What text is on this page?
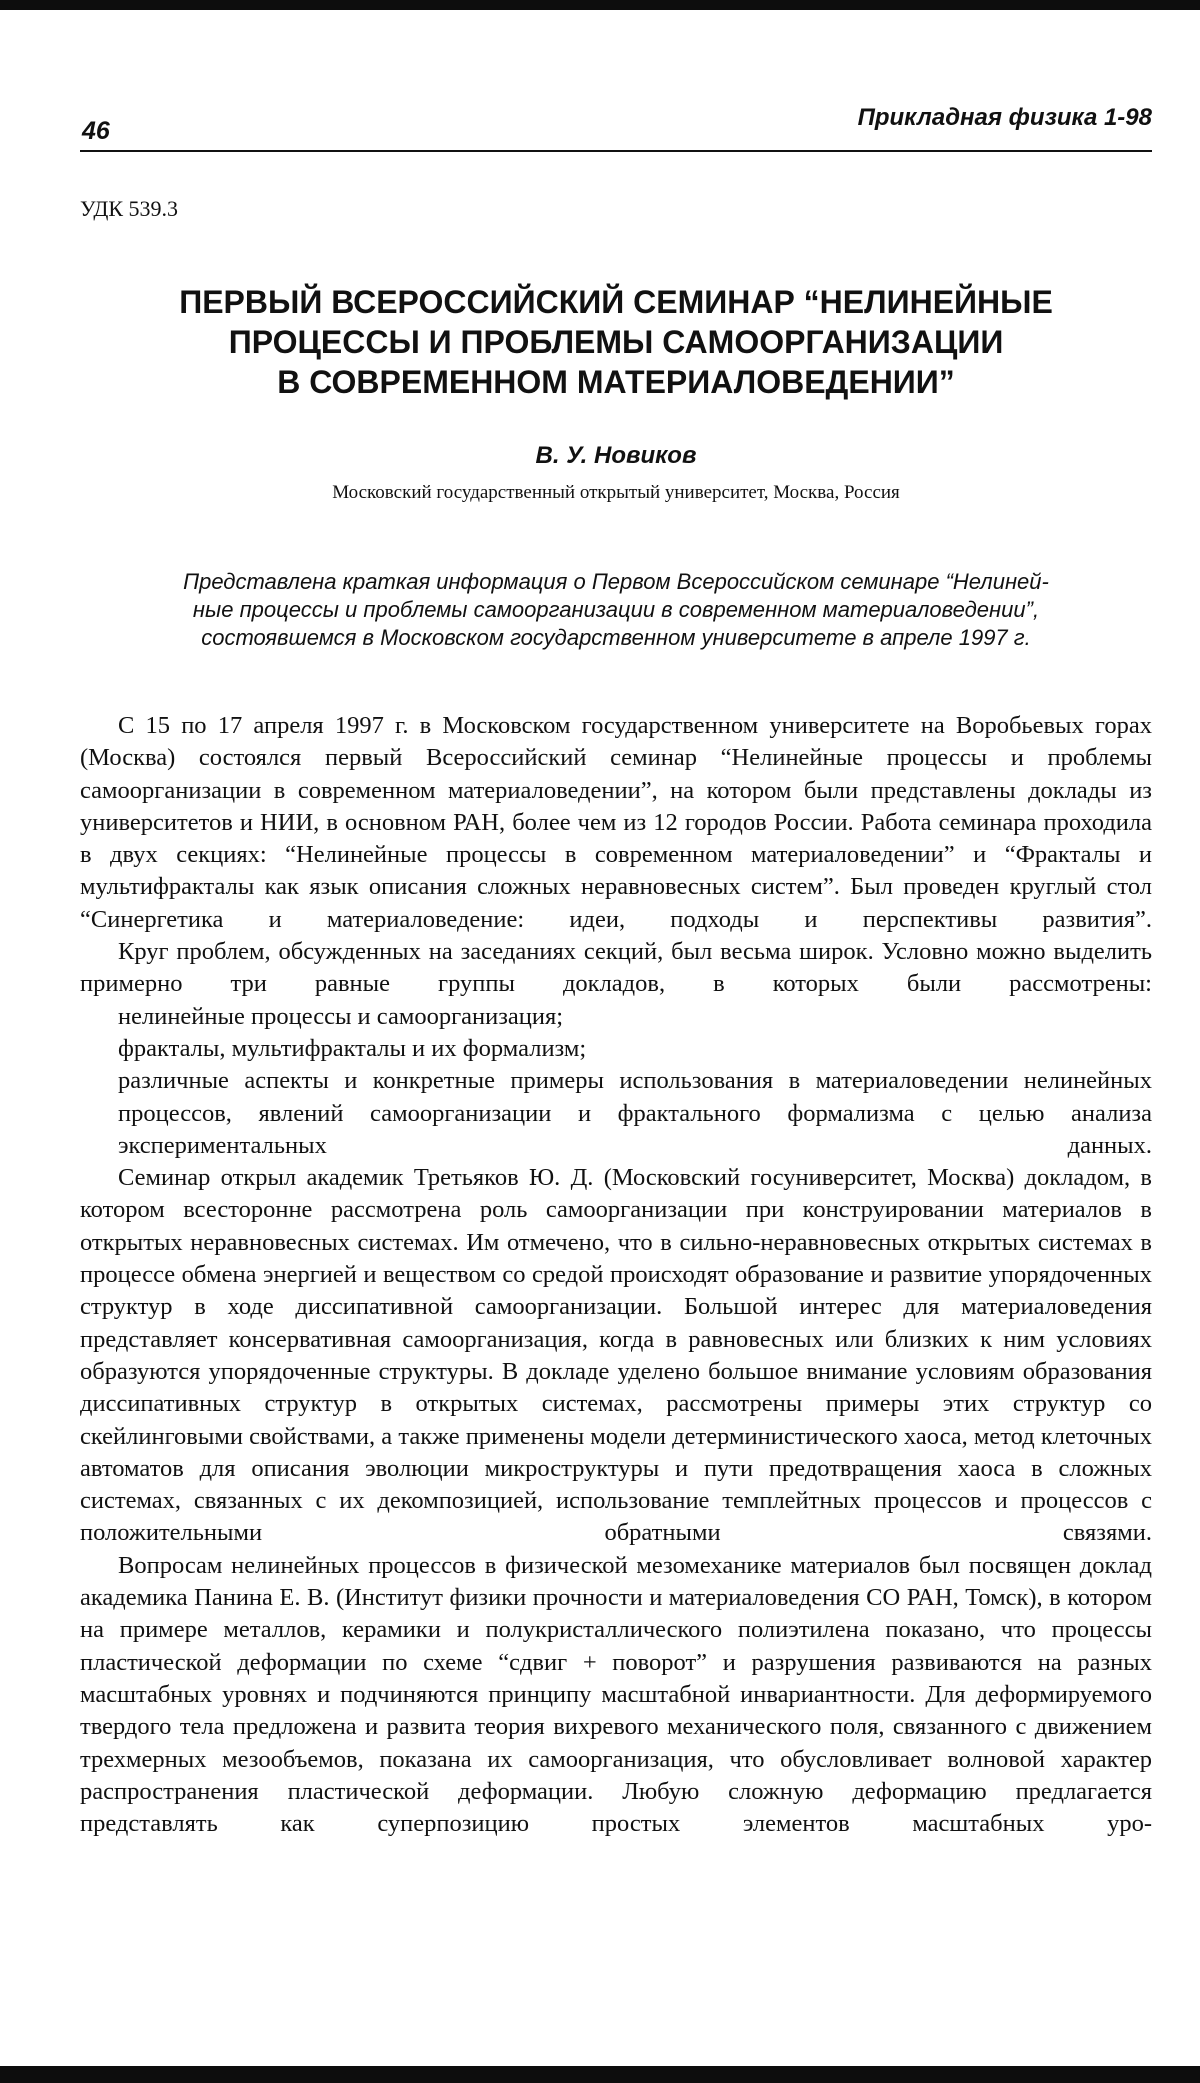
46	Прикладная физика 1-98
УДК 539.3
ПЕРВЫЙ ВСЕРОССИЙСКИЙ СЕМИНАР “НЕЛИНЕЙНЫЕ
ПРОЦЕССЫ И ПРОБЛЕМЫ САМООРГАНИЗАЦИИ
В СОВРЕМЕННОМ МАТЕРИАЛОВЕДЕНИИ”
В. У. Новиков
Московский государственный открытый университет, Москва, Россия
Представлена краткая информация о Первом Всероссийском семинаре “Нелиней-
ные процессы и проблемы самоорганизации в современном материаловедении”,
состоявшемся в Московском государственном университете в апреле 1997 г.

С 15 по 17 апреля 1997 г. в Московском государственном университете на Воробьевых горах (Москва) состоялся первый Всероссийский семинар “Нелинейные процессы и проблемы самоорганизации в современном материаловедении”, на котором были представлены доклады из университетов и НИИ, в основном РАН, более чем из 12 городов России. Работа семинара проходила в двух секциях: “Нелинейные процессы в современном материаловедении” и “Фракталы и мультифракталы как язык описания сложных неравновесных систем”. Был проведен круглый стол “Синергетика и материаловедение: идеи, подходы и перспективы развития”.

Круг проблем, обсужденных на заседаниях секций, был весьма широк. Условно можно выделить примерно три равные группы докладов, в которых были рассмотрены:

нелинейные процессы и самоорганизация;

фракталы, мультифракталы и их формализм;

различные аспекты и конкретные примеры использования в материаловедении нелинейных процессов, явлений самоорганизации и фрактального формализма с целью анализа экспериментальных данных.

Семинар открыл академик Третьяков Ю. Д. (Московский госуниверситет, Москва) докладом, в котором всесторонне рассмотрена роль самоорганизации при конструировании материалов в открытых неравновесных системах. Им отмечено, что в сильно-неравновесных открытых системах в процессе обмена энергией и веществом со средой происходят образование и развитие упорядоченных структур в ходе диссипативной самоорганизации. Большой интерес для материаловедения представляет консервативная самоорганизация, когда в равновесных или близких к ним условиях образуются упорядоченные структуры. В докладе уделено большое внимание условиям образования диссипативных структур в открытых системах, рассмотрены примеры этих структур со скейлинговыми свойствами, а также применены модели детерминистического хаоса, метод клеточных автоматов для описания эволюции микроструктуры и пути предотвращения хаоса в сложных системах, связанных с их декомпозицией, использование темплейтных процессов и процессов с положительными обратными связями.

Вопросам нелинейных процессов в физической мезомеханике материалов был посвящен доклад академика Панина Е. В. (Институт физики прочности и материаловедения СО РАН, Томск), в котором на примере металлов, керамики и полукристаллического полиэтилена показано, что процессы пластической деформации по схеме “сдвиг + поворот” и разрушения развиваются на разных масштабных уровнях и подчиняются принципу масштабной инвариантности. Для деформируемого твердого тела предложена и развита теория вихревого механического поля, связанного с движением трехмерных мезообъемов, показана их самоорганизация, что обусловливает волновой характер распространения пластической деформации. Любую сложную деформацию предлагается представлять как суперпозицию простых элементов масштабных уро-
